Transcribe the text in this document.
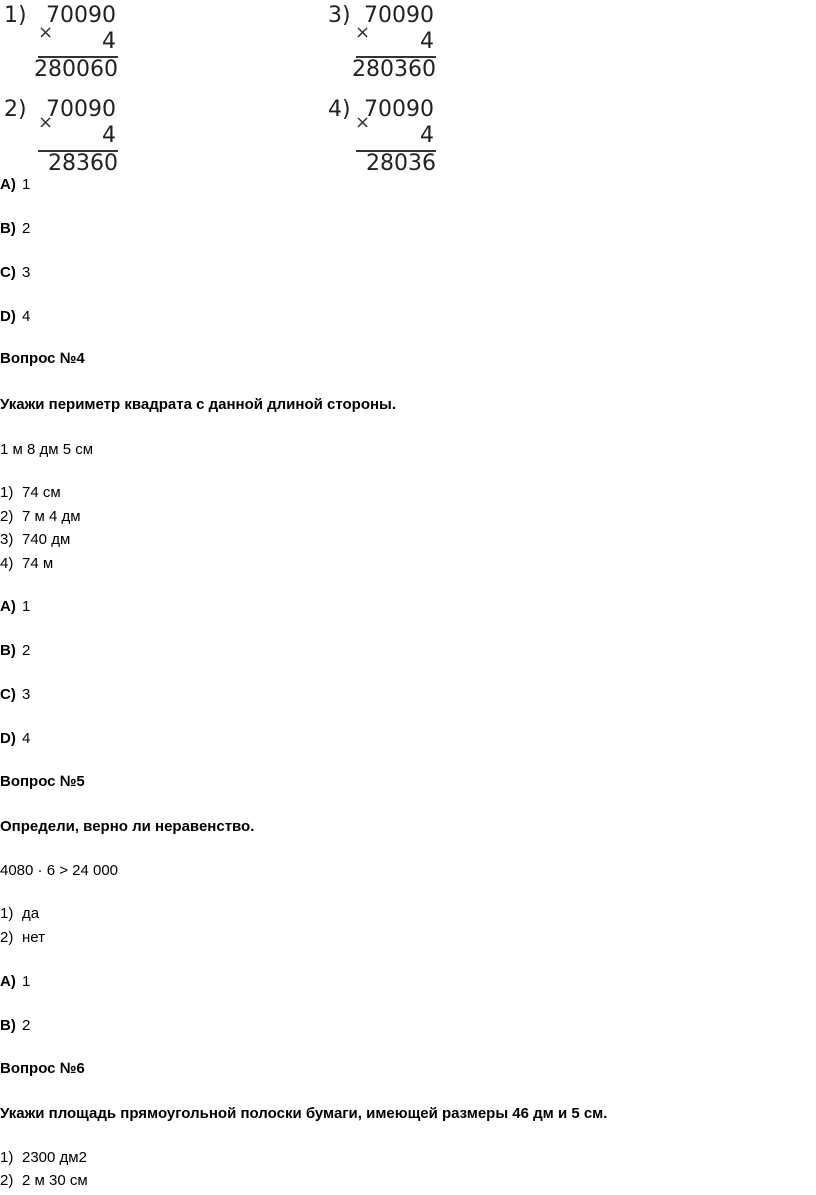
1)
×
70090
4
280060
3)
×
70090
4
280360
2)
×
70090
4
28360
4)
×
70090
4
28036
A) 1
B) 2
C) 3
D) 4
Вопрос №4
Укажи периметр квадрата с данной длиной стороны.
1 м 8 дм 5 см
1) 74 см
2) 7 м 4 дм
3) 740 дм
4) 74 м
A) 1
B) 2
C) 3
D) 4
Вопрос №5
Определи, верно ли неравенство.
4080 · 6 > 24 000
1) да
2) нет
A) 1
B) 2
Вопрос №6
Укажи площадь прямоугольной полоски бумаги, имеющей размеры 46 дм и 5 см.
1) 2300 дм2
2) 2 м 30 см
